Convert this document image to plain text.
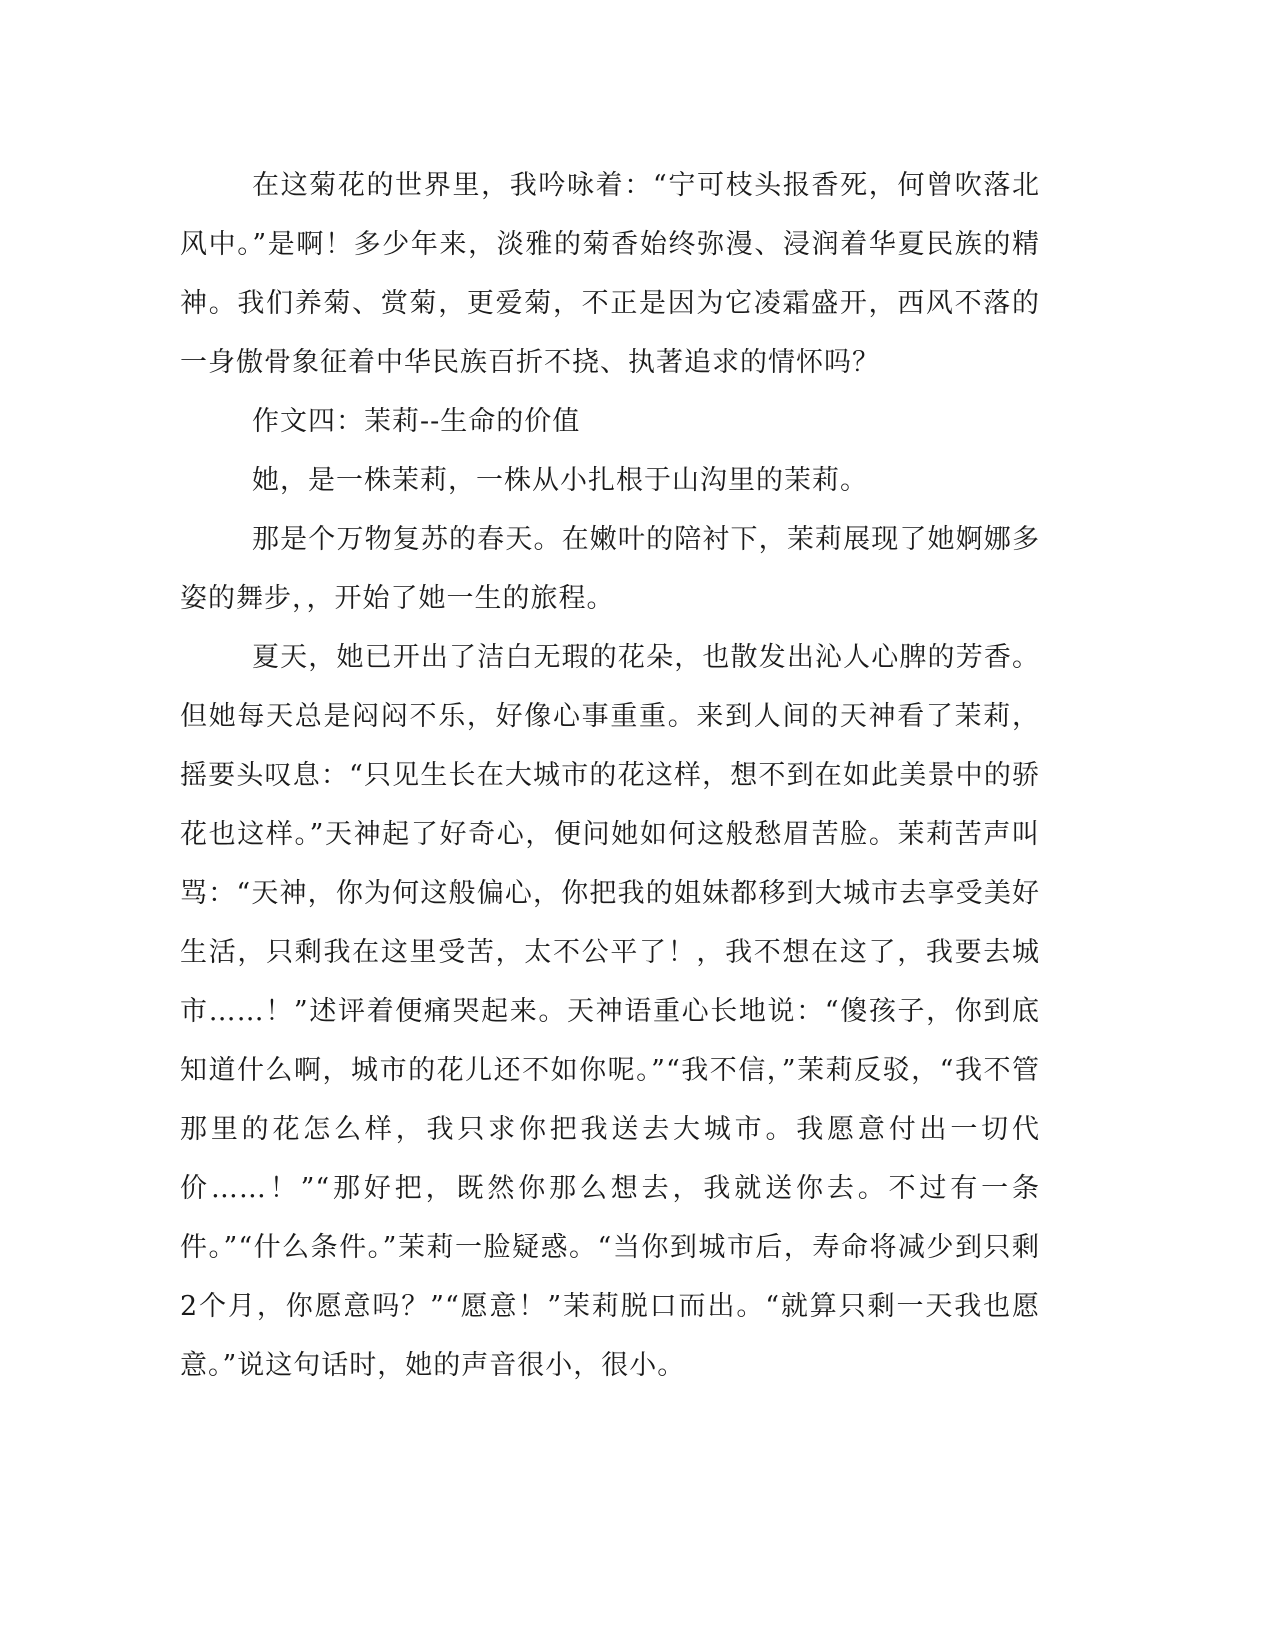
在这菊花的世界里，我吟咏着：“宁可枝头报香死，何曾吹落北风中。”是啊！多少年来，淡雅的菊香始终弥漫、浸润着华夏民族的精神。我们养菊、赏菊，更爱菊，不正是因为它凌霜盛开，西风不落的一身傲骨象征着中华民族百折不挠、执著追求的情怀吗？

作文四：茉莉--生命的价值

她，是一株茉莉，一株从小扎根于山沟里的茉莉。

那是个万物复苏的春天。在嫩叶的陪衬下，茉莉展现了她婀娜多姿的舞步，，开始了她一生的旅程。

夏天，她已开出了洁白无瑕的花朵，也散发出沁人心脾的芳香。但她每天总是闷闷不乐，好像心事重重。来到人间的天神看了茉莉，摇要头叹息：“只见生长在大城市的花这样，想不到在如此美景中的骄花也这样。”天神起了好奇心，便问她如何这般愁眉苦脸。茉莉苦声叫骂：“天神，你为何这般偏心，你把我的姐妹都移到大城市去享受美好生活，只剩我在这里受苦，太不公平了！，我不想在这了，我要去城市……！”述评着便痛哭起来。天神语重心长地说：“傻孩子，你到底知道什么啊，城市的花儿还不如你呢。”“我不信，”茉莉反驳，“我不管那里的花怎么样，我只求你把我送去大城市。我愿意付出一切代价……！”“那好把，既然你那么想去，我就送你去。不过有一条件。”“什么条件。”茉莉一脸疑惑。“当你到城市后，寿命将减少到只剩2个月，你愿意吗？”“愿意！”茉莉脱口而出。“就算只剩一天我也愿意。”说这句话时，她的声音很小，很小。
